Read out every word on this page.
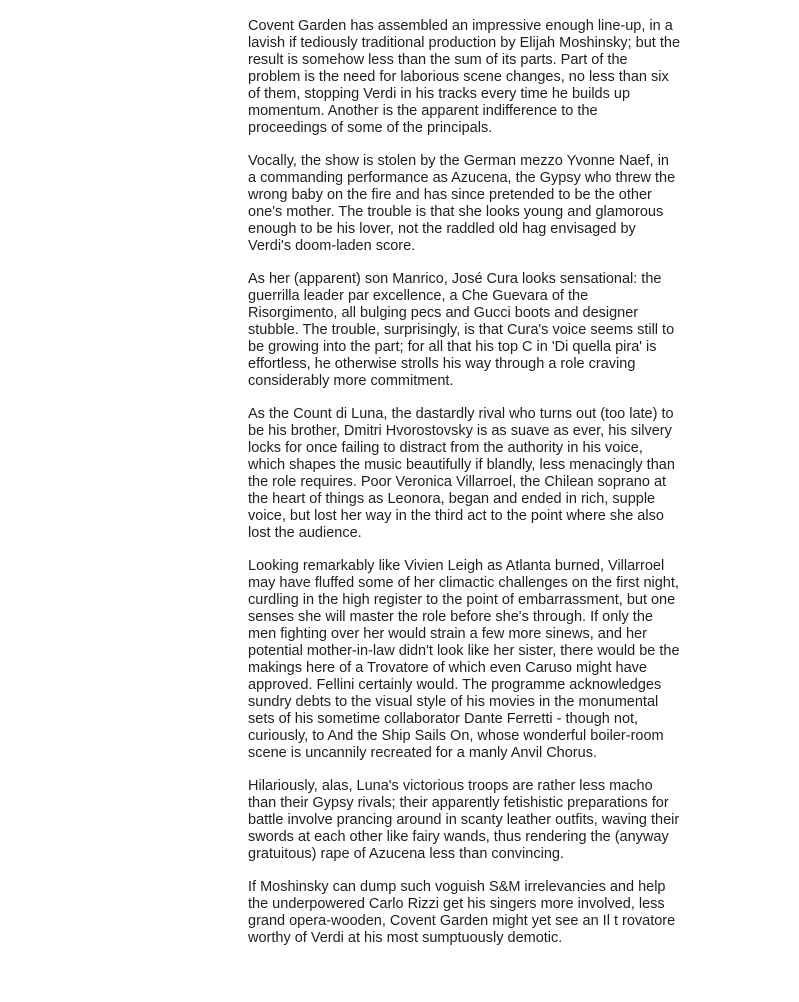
Covent Garden has assembled an impressive enough line-up, in a lavish if tediously traditional production by Elijah Moshinsky; but the result is somehow less than the sum of its parts. Part of the problem is the need for laborious scene changes, no less than six of them, stopping Verdi in his tracks every time he builds up momentum. Another is the apparent indifference to the proceedings of some of the principals.

Vocally, the show is stolen by the German mezzo Yvonne Naef, in a commanding performance as Azucena, the Gypsy who threw the wrong baby on the fire and has since pretended to be the other one's mother. The trouble is that she looks young and glamorous enough to be his lover, not the raddled old hag envisaged by Verdi's doom-laden score.

As her (apparent) son Manrico, José Cura looks sensational: the guerrilla leader par excellence, a Che Guevara of the Risorgimento, all bulging pecs and Gucci boots and designer stubble. The trouble, surprisingly, is that Cura's voice seems still to be growing into the part; for all that his top C in 'Di quella pira' is effortless, he otherwise strolls his way through a role craving considerably more commitment.

As the Count di Luna, the dastardly rival who turns out (too late) to be his brother, Dmitri Hvorostovsky is as suave as ever, his silvery locks for once failing to distract from the authority in his voice, which shapes the music beautifully if blandly, less menacingly than the role requires. Poor Veronica Villarroel, the Chilean soprano at the heart of things as Leonora, began and ended in rich, supple voice, but lost her way in the third act to the point where she also lost the audience.

Looking remarkably like Vivien Leigh as Atlanta burned, Villarroel may have fluffed some of her climactic challenges on the first night, curdling in the high register to the point of embarrassment, but one senses she will master the role before she's through. If only the men fighting over her would strain a few more sinews, and her potential mother-in-law didn't look like her sister, there would be the makings here of a Trovatore of which even Caruso might have approved. Fellini certainly would. The programme acknowledges sundry debts to the visual style of his movies in the monumental sets of his sometime collaborator Dante Ferretti - though not, curiously, to And the Ship Sails On, whose wonderful boiler-room scene is uncannily recreated for a manly Anvil Chorus.

Hilariously, alas, Luna's victorious troops are rather less macho than their Gypsy rivals; their apparently fetishistic preparations for battle involve prancing around in scanty leather outfits, waving their swords at each other like fairy wands, thus rendering the (anyway gratuitous) rape of Azucena less than convincing.

If Moshinsky can dump such voguish S&M irrelevancies and help the underpowered Carlo Rizzi get his singers more involved, less grand opera-wooden, Covent Garden might yet see an Il t rovatore worthy of Verdi at his most sumptuously demotic.
